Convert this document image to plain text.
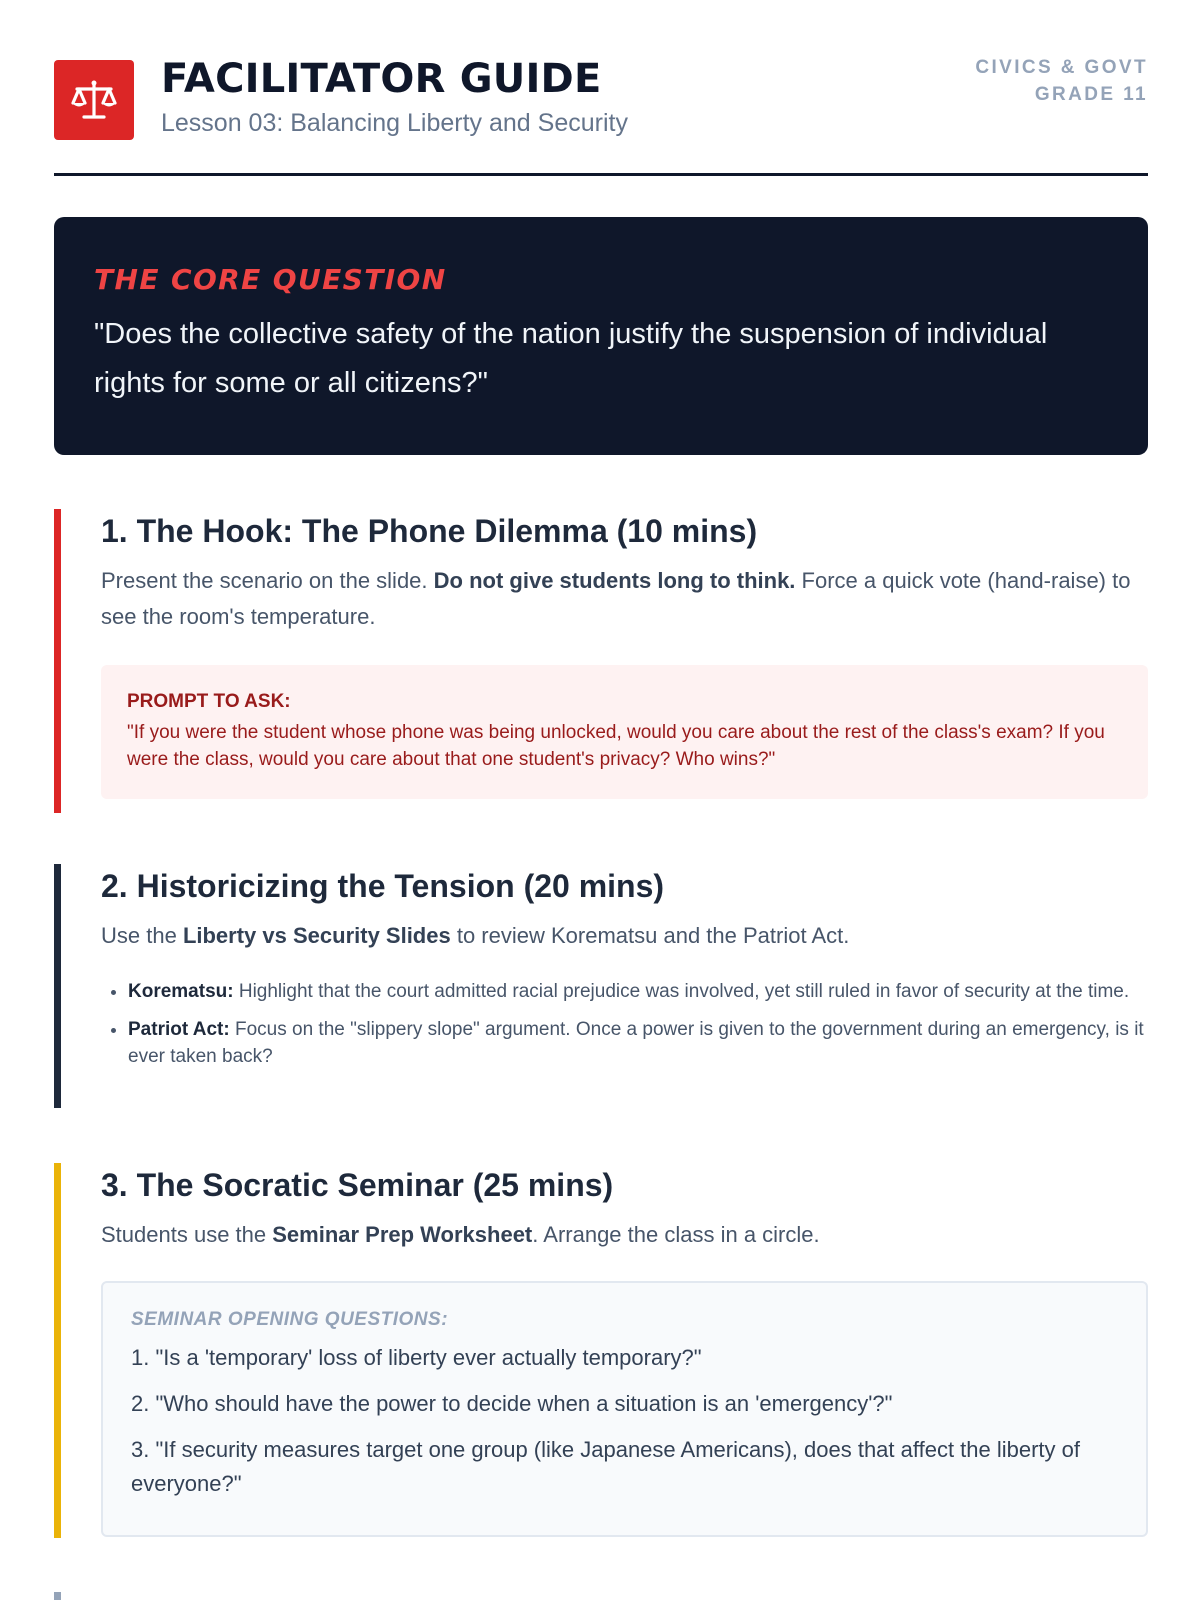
FACILITATOR GUIDE

Lesson 03: Balancing Liberty and Security

CIVICS & GOVT
GRADE 11

THE CORE QUESTION

"Does the collective safety of the nation justify the suspension of individual rights for some or all citizens?"

1. The Hook: The Phone Dilemma (10 mins)

Present the scenario on the slide. Do not give students long to think. Force a quick vote (hand-raise) to see the room's temperature.

PROMPT TO ASK:

"If you were the student whose phone was being unlocked, would you care about the rest of the class's exam? If you were the class, would you care about that one student's privacy? Who wins?"

2. Historicizing the Tension (20 mins)

Use the Liberty vs Security Slides to review Korematsu and the Patriot Act.

• Korematsu: Highlight that the court admitted racial prejudice was involved, yet still ruled in favor of security at the time.
• Patriot Act: Focus on the "slippery slope" argument. Once a power is given to the government during an emergency, is it ever taken back?
3. The Socratic Seminar (25 mins)

Students use the Seminar Prep Worksheet. Arrange the class in a circle.

SEMINAR OPENING QUESTIONS:

1. "Is a 'temporary' loss of liberty ever actually temporary?"

2. "Who should have the power to decide when a situation is an 'emergency'?"

3. "If security measures target one group (like Japanese Americans), does that affect the liberty of everyone?"
